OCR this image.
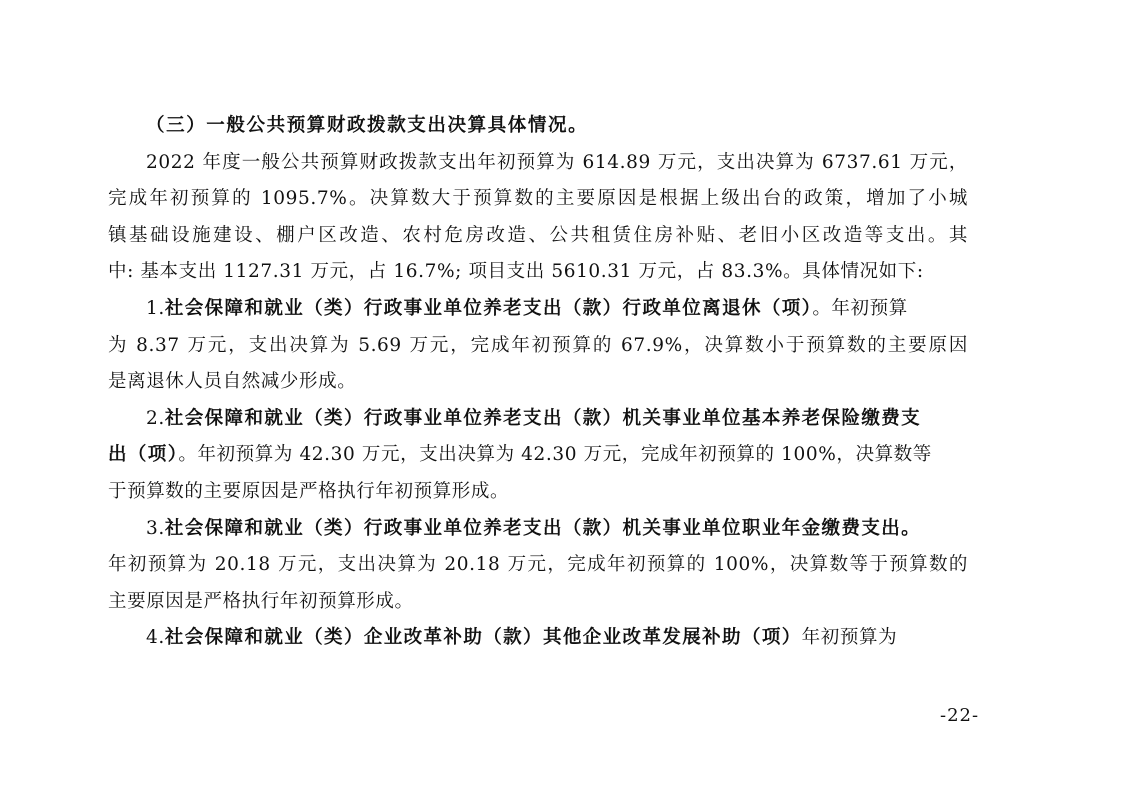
（三）一般公共预算财政拨款支出决算具体情况。
2022 年度一般公共预算财政拨款支出年初预算为 614.89 万元，支出决算为 6737.61 万元，
完成年初预算的 1095.7%。决算数大于预算数的主要原因是根据上级出台的政策，增加了小城
镇基础设施建设、棚户区改造、农村危房改造、公共租赁住房补贴、老旧小区改造等支出。其
中: 基本支出 1127.31 万元，占 16.7%; 项目支出 5610.31 万元，占 83.3%。具体情况如下:
1.社会保障和就业（类）行政事业单位养老支出（款）行政单位离退休（项）。年初预算
为 8.37 万元，支出决算为 5.69 万元，完成年初预算的 67.9%，决算数小于预算数的主要原因
是离退休人员自然减少形成。
2.社会保障和就业（类）行政事业单位养老支出（款）机关事业单位基本养老保险缴费支
出（项）。年初预算为 42.30 万元，支出决算为 42.30 万元，完成年初预算的 100%，决算数等
于预算数的主要原因是严格执行年初预算形成。
3.社会保障和就业（类）行政事业单位养老支出（款）机关事业单位职业年金缴费支出。
年初预算为 20.18 万元，支出决算为 20.18 万元，完成年初预算的 100%，决算数等于预算数的
主要原因是严格执行年初预算形成。
4.社会保障和就业（类）企业改革补助（款）其他企业改革发展补助（项）年初预算为
-22-
